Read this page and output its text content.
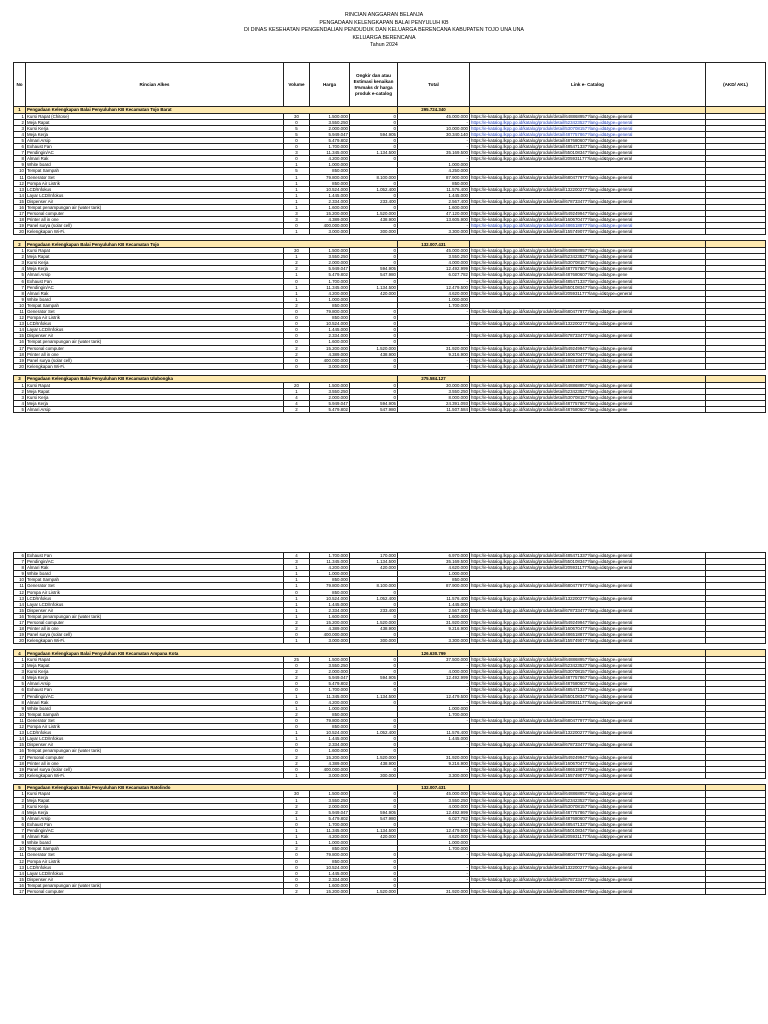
RINCIAN ANGGARAN BELANJA
PENGADAAN KELENGKAPAN BALAI PENYULUH KB
DI DINAS KESEHATAN PENGENDALIAN PENDUDUK DAN KELUARGA BERENCANA KABUPATEN TOJO UNA UNA
KELUARGA BERENCANA
Tahun 2024
No	Rincian Alkes	Volume	Harga	Ongkir dan atau Estimasi kenaikan 5%maks dr harga produk e-catalog	Total	Link e- Catalog	(AKD/ AKL)
1	Pengadaan Kelengkapan Balai Penyuluhan KB Kecamatan Tojo Barat				295.724.340		
1	Kursi Rapat (Chitose)	30	1.500.000	0	45.000.000	https://e-katalog.lkpp.go.id/katalog/produk/detail/648868957?lang=id&type=general	
2	Meja Rapat	0	3.550.250	0	-	https://e-katalog.lkpp.go.id/katalog/produk/detail/523423527?lang=id&type=general	
3	Kursi Kerja	5	2.000.000	0	10.000.000	https://e-katalog.lkpp.go.id/katalog/produk/detail/530708157?lang=id&type=general	
4	Meja Kerja	5	5.949.047	594.905	30.340.140	https://e-katalog.lkpp.go.id/katalog/produk/detail/487757867?lang=id&type=general	
5	Almari Arsip	0	5.479.802	0	-	https://e-katalog.lkpp.go.id/katalog/produk/detail/487680607?lang=id&type=gene	
6	Exhaust Fan	0	1.700.000	0	-	https://e-katalog.lkpp.go.id/katalog/produk/detail/485471337?lang=id&type=general	
7	Pendingin/AC	3	11.345.000	1.134.500	35.169.500	https://e-katalog.lkpp.go.id/katalog/produk/detail/550108347?lang=id&type=general	
8	Almari Rak	0	4.200.000	0	-	https://e-katalog.lkpp.go.id/katalog/produk/detail/205931177?lang=id&type=general	
9	White board	1	1.000.000		1.000.000		
10	Tempat Sampah	5	850.000		4.250.000		
11	Generator Set	1	79.800.000	8.100.000	87.900.000	https://e-katalog.lkpp.go.id/katalog/produk/detail/680477977?lang=id&type=general	
12	Pompa Air Listrik	1	850.000	0	850.000		
13	LCD/Infokus	1	10.524.000	1.052.400	11.576.400	https://e-katalog.lkpp.go.id/katalog/produk/detail/132200277?lang=id&type=general	
14	Layar LCD/Infokus	1	1.445.000	0	1.445.000		
15	Dispenser Air	1	2.334.000	233.400	2.567.400	https://e-katalog.lkpp.go.id/katalog/produk/detail/678733477?lang=id&type=general	
16	Tempat penampungan air (water tank)	1	1.600.000	0	1.600.000		
17	Personal computer	3	15.200.000	1.520.000	47.120.000	https://e-katalog.lkpp.go.id/katalog/produk/detail/549249947?lang=id&type=general	
18	Printer all in one	3	4.389.000	438.900	13.605.900	https://e-katalog.lkpp.go.id/katalog/produk/detail/160670477?lang=id&type=general	
19	Panel surya (solar cell)	0	400.000.000	0	-	https://e-katalog.lkpp.go.id/katalog/produk/detail/486518877?lang=id&type=general	
20	Kelengkapan Wi-Fi.	1	3.000.000	300.000	3.300.000	https://e-katalog.lkpp.go.id/katalog/produk/detail/155749077?lang=id&type=general	

2	Pengadaan Kelengkapan Balai Penyuluhan KB Kecamatan Tojo				132.007.431		
1	Kursi Rapat	30	1.500.000	0	45.000.000	https://e-katalog.lkpp.go.id/katalog/produk/detail/648868957?lang=id&type=general	
2	Meja Rapat	1	3.550.250	0	3.550.250	https://e-katalog.lkpp.go.id/katalog/produk/detail/523423527?lang=id&type=general	
3	Kursi Kerja	2	2.000.000	0	4.000.000	https://e-katalog.lkpp.go.id/katalog/produk/detail/530708157?lang=id&type=general	
4	Meja Kerja	2	5.949.047	594.905	12.492.999	https://e-katalog.lkpp.go.id/katalog/produk/detail/487757867?lang=id&type=general	
5	Almari Arsip	1	5.479.802	547.980	6.027.782	https://e-katalog.lkpp.go.id/katalog/produk/detail/487680607?lang=id&type=gene	
6	Exhaust Fan	0	1.700.000	0	-	https://e-katalog.lkpp.go.id/katalog/produk/detail/485471337?lang=id&type=general	
7	Pendingin/AC	1	11.345.000	1.134.500	12.479.500	https://e-katalog.lkpp.go.id/katalog/produk/detail/550108347?lang=id&type=general	
8	Almari Rak	1	4.200.000	420.000	4.620.000	https://e-katalog.lkpp.go.id/katalog/produk/detail/205931177?lang=id&type=general	
9	White board	1	1.000.000		1.000.000		
10	Tempat Sampah	2	850.000		1.700.000		
11	Generator Set	0	79.800.000	0	-	https://e-katalog.lkpp.go.id/katalog/produk/detail/680477977?lang=id&type=general	
12	Pompa Air Listrik	0	850.000	0			
13	LCD/Infokus	0	10.524.000	0	-	https://e-katalog.lkpp.go.id/katalog/produk/detail/132200277?lang=id&type=general	
14	Layar LCD/Infokus	0	1.445.000	0			
15	Dispenser Air	0	2.334.000	0	-	https://e-katalog.lkpp.go.id/katalog/produk/detail/678733477?lang=id&type=general	
16	Tempat penampungan air (water tank)	0	1.600.000	0			
17	Personal computer	2	15.200.000	1.520.000	31.920.000	https://e-katalog.lkpp.go.id/katalog/produk/detail/549249947?lang=id&type=general	
18	Printer all in one	2	4.389.000	438.900	9.216.900	https://e-katalog.lkpp.go.id/katalog/produk/detail/160670477?lang=id&type=general	
19	Panel surya (solar cell)	0	400.000.000	0	-	https://e-katalog.lkpp.go.id/katalog/produk/detail/486518877?lang=id&type=general	
20	Kelengkapan Wi-Fi.	0	3.000.000	0	-	https://e-katalog.lkpp.go.id/katalog/produk/detail/155749077?lang=id&type=general	

3	Pengadaan Kelengkapan Balai Penyuluhan KB Kecamatan Ulubongka				275.584.127		
1	Kursi Rapat	20	1.500.000	0	30.000.000	https://e-katalog.lkpp.go.id/katalog/produk/detail/648868957?lang=id&type=general	
2	Meja Rapat	1	3.550.250	0	3.550.250	https://e-katalog.lkpp.go.id/katalog/produk/detail/523423527?lang=id&type=general	
3	Kursi Kerja	4	2.000.000	0	8.000.000	https://e-katalog.lkpp.go.id/katalog/produk/detail/530708157?lang=id&type=general	
4	Meja Kerja	4	5.949.047	594.905	24.391.093	https://e-katalog.lkpp.go.id/katalog/produk/detail/487757867?lang=id&type=general	
5	Almari Arsip	2	5.479.802	547.980	11.507.584	https://e-katalog.lkpp.go.id/katalog/produk/detail/487680607?lang=id&type=gene	
6	Exhaust Fan	4	1.700.000	170.000	6.970.000	https://e-katalog.lkpp.go.id/katalog/produk/detail/485471337?lang=id&type=general	
7	Pendingin/AC	3	11.345.000	1.134.500	35.169.500	https://e-katalog.lkpp.go.id/katalog/produk/detail/550108347?lang=id&type=general	
8	Almari Rak	1	4.200.000	420.000	4.620.000	https://e-katalog.lkpp.go.id/katalog/produk/detail/205931177?lang=id&type=general	
9	White board	1	1.000.000		1.000.000		
10	Tempat Sampah	1	850.000		850.000		
11	Generator Set	1	79.800.000	8.100.000	87.900.000	https://e-katalog.lkpp.go.id/katalog/produk/detail/680477977?lang=id&type=general	
12	Pompa Air Listrik	0	850.000	0			
13	LCD/Infokus	1	10.524.000	1.052.400	11.576.400	https://e-katalog.lkpp.go.id/katalog/produk/detail/132200277?lang=id&type=general	
14	Layar LCD/Infokus	1	1.445.000	0	1.445.000		
15	Dispenser Air	1	2.334.000	233.400	2.567.400	https://e-katalog.lkpp.go.id/katalog/produk/detail/678733477?lang=id&type=general	
16	Tempat penampungan air (water tank)	1	1.600.000	0	1.600.000		
17	Personal computer	2	15.200.000	1.520.000	31.920.000	https://e-katalog.lkpp.go.id/katalog/produk/detail/549249947?lang=id&type=general	
18	Printer all in one	2	4.389.000	438.900	9.216.900	https://e-katalog.lkpp.go.id/katalog/produk/detail/160670477?lang=id&type=general	
19	Panel surya (solar cell)	0	400.000.000	0	-	https://e-katalog.lkpp.go.id/katalog/produk/detail/486518877?lang=id&type=general	
20	Kelengkapan Wi-Fi.	1	3.000.000	300.000	3.300.000	https://e-katalog.lkpp.go.id/katalog/produk/detail/155749077?lang=id&type=general	

4	Pengadaan Kelengkapan Balai Penyuluhan KB Kecamatan Ampana Kota				126.630.799		
1	Kursi Rapat	25	1.500.000	0	37.500.000	https://e-katalog.lkpp.go.id/katalog/produk/detail/648868957?lang=id&type=general	
2	Meja Rapat	0	3.550.250	0	-	https://e-katalog.lkpp.go.id/katalog/produk/detail/523423527?lang=id&type=general	
3	Kursi Kerja	2	2.000.000	0	4.000.000	https://e-katalog.lkpp.go.id/katalog/produk/detail/530708157?lang=id&type=general	
4	Meja Kerja	2	5.949.047	594.905	12.492.999	https://e-katalog.lkpp.go.id/katalog/produk/detail/487757867?lang=id&type=general	
5	Almari Arsip	0	5.479.802	0	-	https://e-katalog.lkpp.go.id/katalog/produk/detail/487680607?lang=id&type=gene	
6	Exhaust Fan	0	1.700.000	0	-	https://e-katalog.lkpp.go.id/katalog/produk/detail/485471337?lang=id&type=general	
7	Pendingin/AC	1	11.345.000	1.134.500	12.479.500	https://e-katalog.lkpp.go.id/katalog/produk/detail/550108347?lang=id&type=general	
8	Almari Rak	0	4.200.000	0	-	https://e-katalog.lkpp.go.id/katalog/produk/detail/205931177?lang=id&type=general	
9	White board	1	1.000.000		1.000.000		
10	Tempat Sampah	2	850.000		1.700.000		
11	Generator Set	0	79.800.000	0	-	https://e-katalog.lkpp.go.id/katalog/produk/detail/680477977?lang=id&type=general	
12	Pompa Air Listrik	0	850.000	0			
13	LCD/Infokus	1	10.524.000	1.052.400	11.576.400	https://e-katalog.lkpp.go.id/katalog/produk/detail/132200277?lang=id&type=general	
14	Layar LCD/Infokus	1	1.445.000	0	1.445.000		
15	Dispenser Air	0	2.334.000	0	-	https://e-katalog.lkpp.go.id/katalog/produk/detail/678733477?lang=id&type=general	
16	Tempat penampungan air (water tank)	0	1.600.000	0			
17	Personal computer	2	15.200.000	1.520.000	31.920.000	https://e-katalog.lkpp.go.id/katalog/produk/detail/549249947?lang=id&type=general	
18	Printer all in one	2	4.389.000	438.900	9.216.900	https://e-katalog.lkpp.go.id/katalog/produk/detail/160670477?lang=id&type=general	
19	Panel surya (solar cell)	0	400.000.000	0	-	https://e-katalog.lkpp.go.id/katalog/produk/detail/486518877?lang=id&type=general	
20	Kelengkapan Wi-Fi.	1	3.000.000	300.000	3.300.000	https://e-katalog.lkpp.go.id/katalog/produk/detail/155749077?lang=id&type=general	

5	Pengadaan Kelengkapan Balai Penyuluhan KB Kecamatan Ratolindo				132.007.431		
1	Kursi Rapat	30	1.500.000	0	45.000.000	https://e-katalog.lkpp.go.id/katalog/produk/detail/648868957?lang=id&type=general	
2	Meja Rapat	1	3.550.250	0	3.550.250	https://e-katalog.lkpp.go.id/katalog/produk/detail/523423527?lang=id&type=general	
3	Kursi Kerja	2	2.000.000	0	4.000.000	https://e-katalog.lkpp.go.id/katalog/produk/detail/530708157?lang=id&type=general	
4	Meja Kerja	2	5.949.047	594.905	12.492.999	https://e-katalog.lkpp.go.id/katalog/produk/detail/487757867?lang=id&type=general	
5	Almari Arsip	1	5.479.802	547.980	6.027.782	https://e-katalog.lkpp.go.id/katalog/produk/detail/487680607?lang=id&type=gene	
6	Exhaust Fan	0	1.700.000	0	-	https://e-katalog.lkpp.go.id/katalog/produk/detail/485471337?lang=id&type=general	
7	Pendingin/AC	1	11.345.000	1.134.500	12.479.500	https://e-katalog.lkpp.go.id/katalog/produk/detail/550108347?lang=id&type=general	
8	Almari Rak	1	4.200.000	420.000	4.620.000	https://e-katalog.lkpp.go.id/katalog/produk/detail/205931177?lang=id&type=general	
9	White board	1	1.000.000		1.000.000		
10	Tempat Sampah	2	850.000		1.700.000		
11	Generator Set	0	79.800.000	0	-	https://e-katalog.lkpp.go.id/katalog/produk/detail/680477977?lang=id&type=general	
12	Pompa Air Listrik	0	850.000	0			
13	LCD/Infokus	0	10.524.000	0	-	https://e-katalog.lkpp.go.id/katalog/produk/detail/132200277?lang=id&type=general	
14	Layar LCD/Infokus	0	1.445.000	0	-		
15	Dispenser Air	0	2.334.000	0	-	https://e-katalog.lkpp.go.id/katalog/produk/detail/678733477?lang=id&type=general	
16	Tempat penampungan air (water tank)	0	1.600.000	0			
17	Personal computer	2	15.200.000	1.520.000	31.920.000	https://e-katalog.lkpp.go.id/katalog/produk/detail/549249947?lang=id&type=general	
